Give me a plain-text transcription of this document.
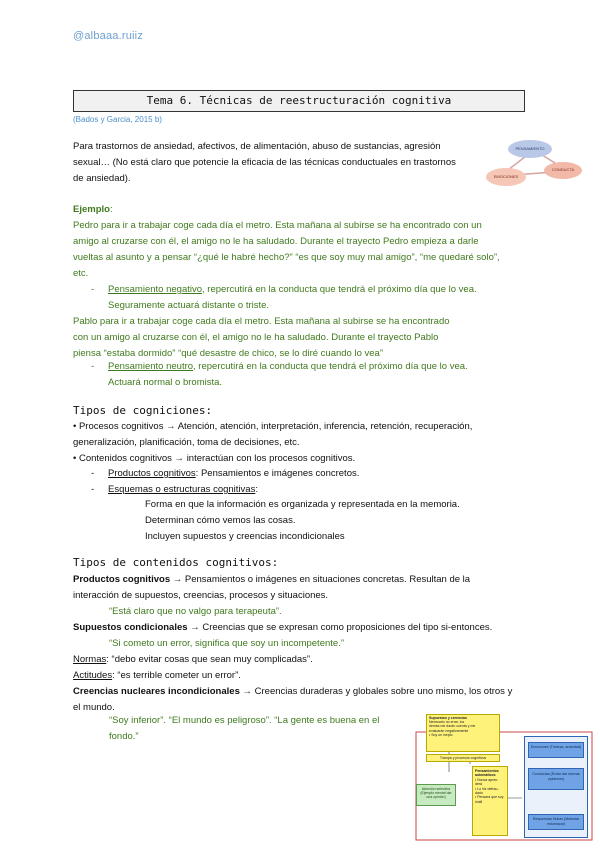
@albaaa.ruiiz
Tema 6. Técnicas de reestructuración cognitiva
(Bados y Garcia, 2015 b)
Para trastornos de ansiedad, afectivos, de alimentación, abuso de sustancias, agresión
sexual… (No está claro que potencie la eficacia de las técnicas conductuales en trastornos
de ansiedad).
PENSAMIENTO
CONDUCTA
EMOCIONES
Ejemplo:
Pedro para ir a trabajar coge cada día el metro. Esta mañana al subirse se ha encontrado con un
amigo al cruzarse con él, el amigo no le ha saludado. Durante el trayecto Pedro empieza a darle
vueltas al asunto y a pensar “¿qué le habré hecho?” “es que soy muy mal amigo”, “me quedaré solo”,
etc.
- Pensamiento negativo, repercutirá en la conducta que tendrá el próximo día que lo vea.
Seguramente actuará distante o triste.
Pablo para ir a trabajar coge cada día el metro. Esta mañana al subirse se ha encontrado
con un amigo al cruzarse con él, el amigo no le ha saludado. Durante el trayecto Pablo
piensa “estaba dormido” “qué desastre de chico, se lo diré cuando lo vea”
- Pensamiento neutro, repercutirá en la conducta que tendrá el próximo día que lo vea.
Actuará normal o bromista.
Tipos de cogniciones:
• Procesos cognitivos → Atención, atención, interpretación, inferencia, retención, recuperación,
generalización, planificación, toma de decisiones, etc.
• Contenidos cognitivos → interactúan con los procesos cognitivos.
- Productos cognitivos: Pensamientos e imágenes concretos.
- Esquemas o estructuras cognitivas:
Forma en que la información es organizada y representada en la memoria.
Determinan cómo vemos las cosas.
Incluyen supuestos y creencias incondicionales
Tipos de contenidos cognitivos:
Productos cognitivos → Pensamientos o imágenes en situaciones concretas. Resultan de la
interacción de supuestos, creencias, procesos y situaciones.
“Está claro que no valgo para terapeuta”.
Supuestos condicionales → Creencias que se expresan como proposiciones del tipo si-entonces.
“Si cometo un error, significa que soy un incompetente.”
Normas: “debo evitar cosas que sean muy complicadas”.
Actitudes: “es terrible cometer un error”.
Creencias nucleares incondicionales → Creencias duraderas y globales sobre uno mismo, los otros y
el mundo.
“Soy inferior”. “El mundo es peligroso”. “La gente es buena en el
fondo.”
Supuestos y creencias
Necesario no errar, los
demás me darán cuenta y me
evaluarán negativamente
• Soy un inepto
Trampa y procesos cognitivos
Atención selectiva (Ejemplo mental dar una opinión)
Pensamientos automáticos
• Nunca apren- derá
• Lo hiz defrau- dado
• Pensará que soy inútil
Emociones (Tristeza, ansiedad)
Conductas (Evitar dar nuevas opiniones)
Respuestas físicas (Malestar estomacal)
